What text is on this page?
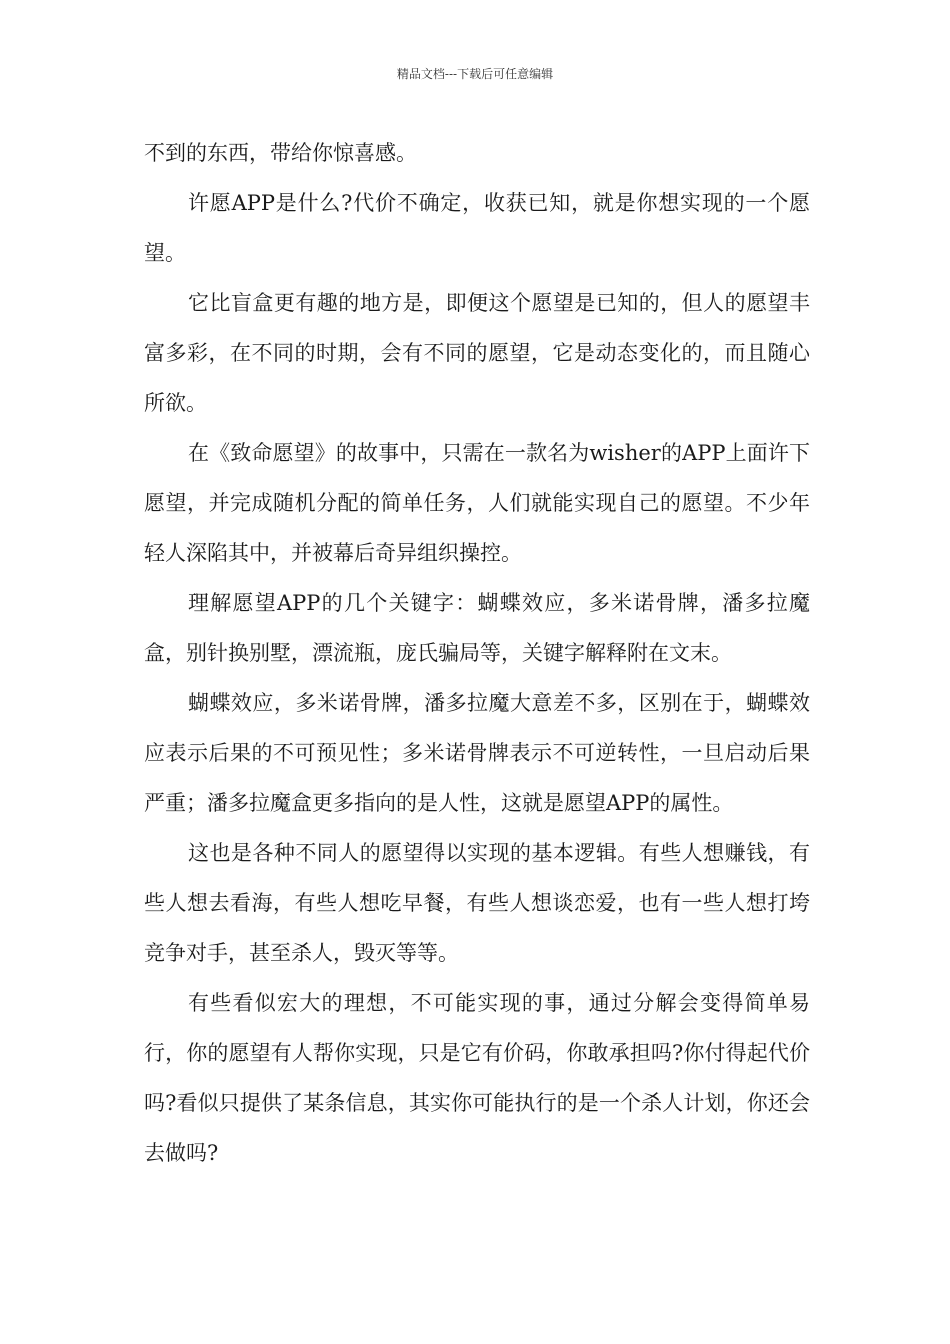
精品文档---下载后可任意编辑

不到的东西，带给你惊喜感。

许愿APP是什么?代价不确定，收获已知，就是你想实现的一个愿望。

它比盲盒更有趣的地方是，即便这个愿望是已知的，但人的愿望丰富多彩，在不同的时期，会有不同的愿望，它是动态变化的，而且随心所欲。

在《致命愿望》的故事中，只需在一款名为wisher的APP上面许下愿望，并完成随机分配的简单任务，人们就能实现自己的愿望。不少年轻人深陷其中，并被幕后奇异组织操控。

理解愿望APP的几个关键字：蝴蝶效应，多米诺骨牌，潘多拉魔盒，别针换别墅，漂流瓶，庞氏骗局等，关键字解释附在文末。

蝴蝶效应，多米诺骨牌，潘多拉魔大意差不多，区别在于，蝴蝶效应表示后果的不可预见性；多米诺骨牌表示不可逆转性，一旦启动后果严重；潘多拉魔盒更多指向的是人性，这就是愿望APP的属性。

这也是各种不同人的愿望得以实现的基本逻辑。有些人想赚钱，有些人想去看海，有些人想吃早餐，有些人想谈恋爱，也有一些人想打垮竞争对手，甚至杀人，毁灭等等。

有些看似宏大的理想，不可能实现的事，通过分解会变得简单易行，你的愿望有人帮你实现，只是它有价码，你敢承担吗?你付得起代价吗?看似只提供了某条信息，其实你可能执行的是一个杀人计划，你还会去做吗?
